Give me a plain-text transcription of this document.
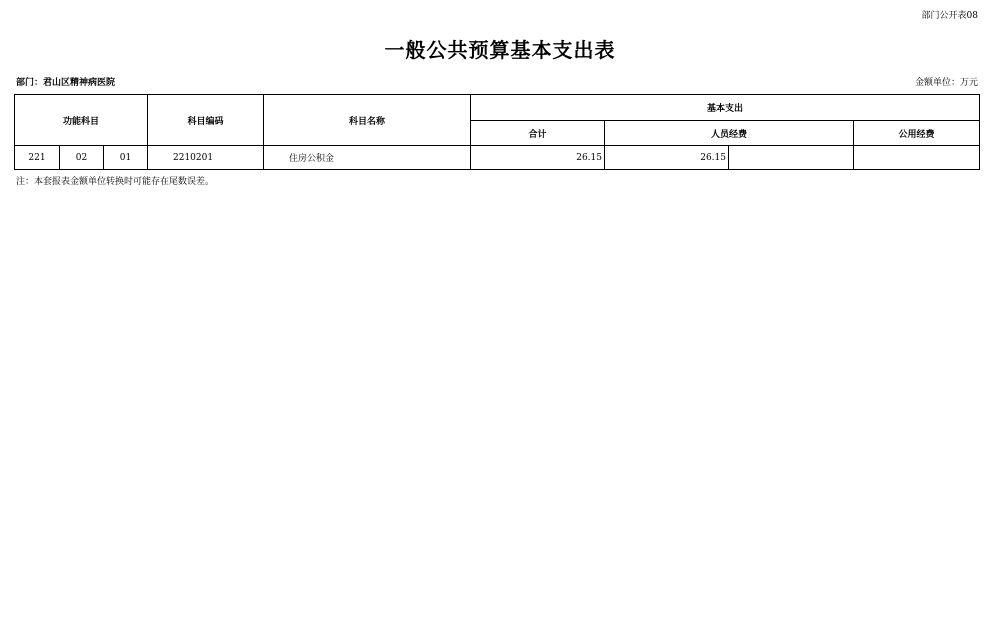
部门公开表08
一般公共预算基本支出表
部门：君山区精神病医院	金额单位：万元
功能科目			科目编码	科目名称	基本支出			
					合计	人员经费		公用经费
221	02	01	2210201	住房公积金	26.15	26.15		
注：本套报表金额单位转换时可能存在尾数误差。
